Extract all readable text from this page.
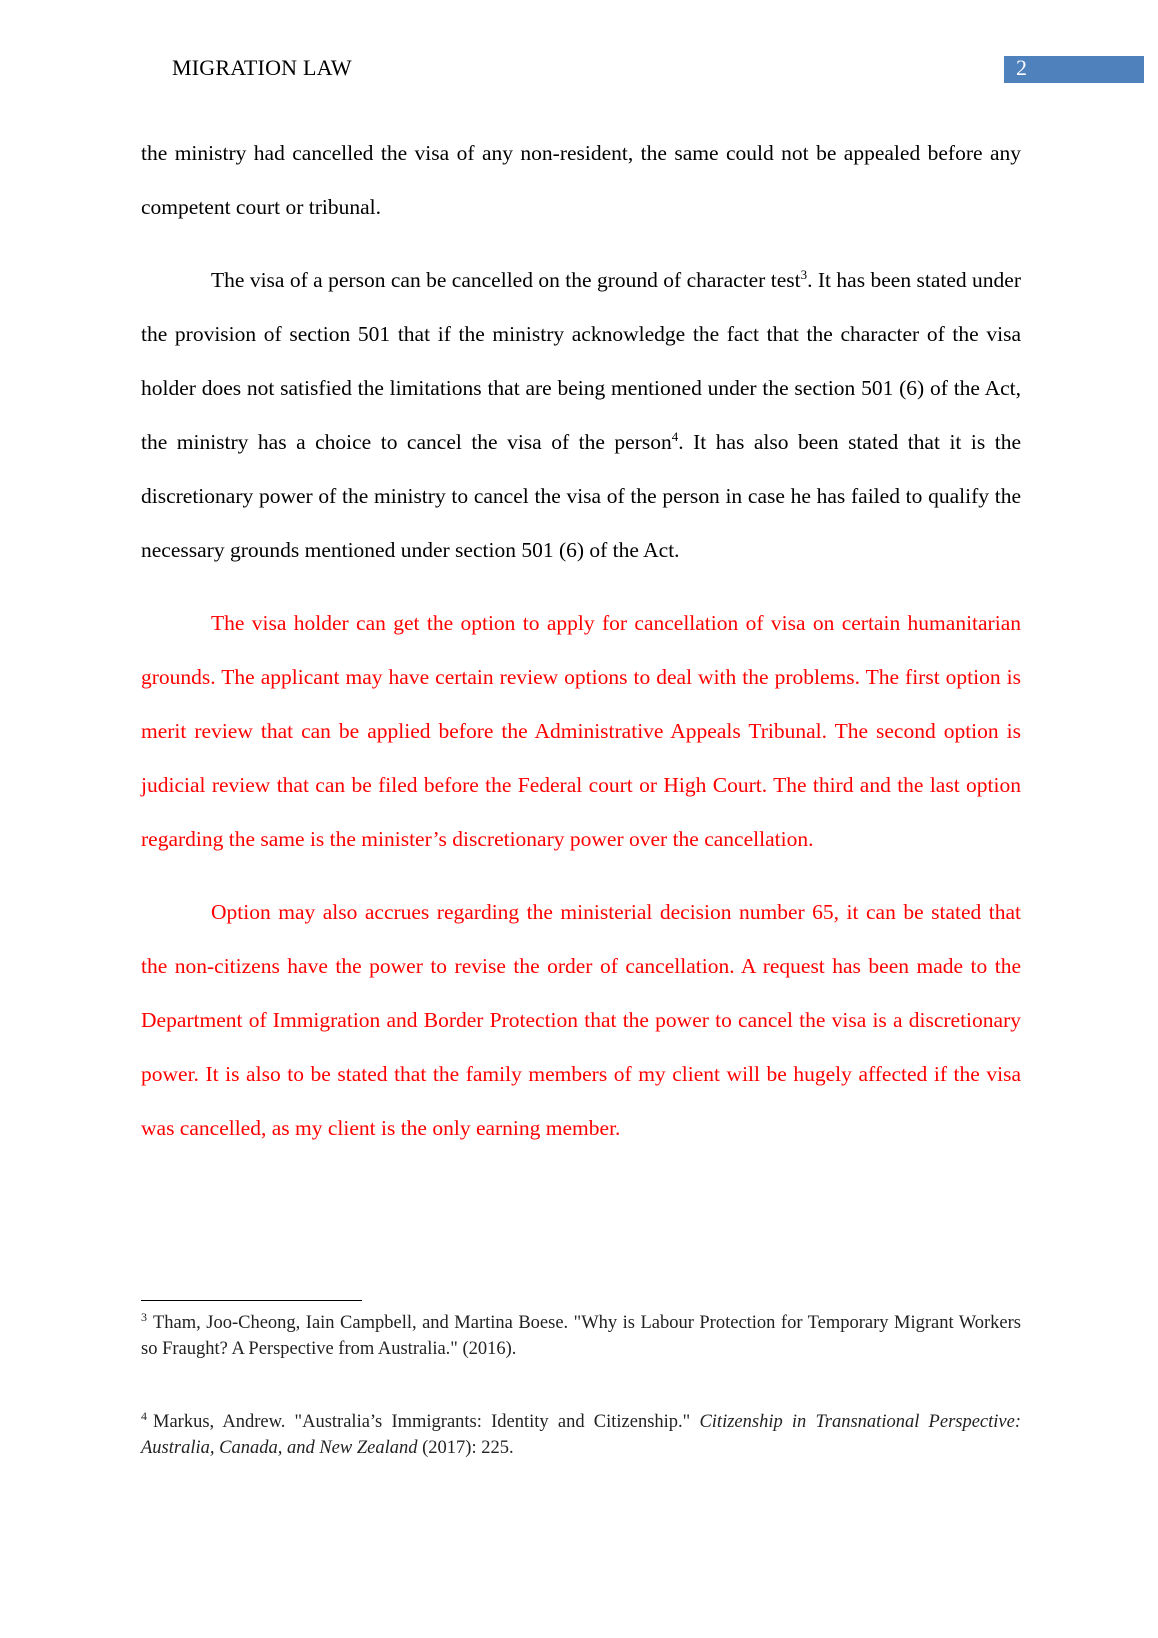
MIGRATION LAW	2

the ministry had cancelled the visa of any non-resident, the same could not be appealed before any competent court or tribunal.

The visa of a person can be cancelled on the ground of character test$^3$. It has been stated under the provision of section 501 that if the ministry acknowledge the fact that the character of the visa holder does not satisfied the limitations that are being mentioned under the section 501 (6) of the Act, the ministry has a choice to cancel the visa of the person$^4$. It has also been stated that it is the discretionary power of the ministry to cancel the visa of the person in case he has failed to qualify the necessary grounds mentioned under section 501 (6) of the Act.

The visa holder can get the option to apply for cancellation of visa on certain humanitarian grounds. The applicant may have certain review options to deal with the problems. The first option is merit review that can be applied before the Administrative Appeals Tribunal. The second option is judicial review that can be filed before the Federal court or High Court. The third and the last option regarding the same is the minister’s discretionary power over the cancellation.

Option may also accrues regarding the ministerial decision number 65, it can be stated that the non-citizens have the power to revise the order of cancellation. A request has been made to the Department of Immigration and Border Protection that the power to cancel the visa is a discretionary power. It is also to be stated that the family members of my client will be hugely affected if the visa was cancelled, as my client is the only earning member.

$^3$ Tham, Joo-Cheong, Iain Campbell, and Martina Boese. "Why is Labour Protection for Temporary Migrant Workers so Fraught? A Perspective from Australia." (2016).

$^4$ Markus, Andrew. "Australia’s Immigrants: Identity and Citizenship." Citizenship in Transnational Perspective: Australia, Canada, and New Zealand (2017): 225.
